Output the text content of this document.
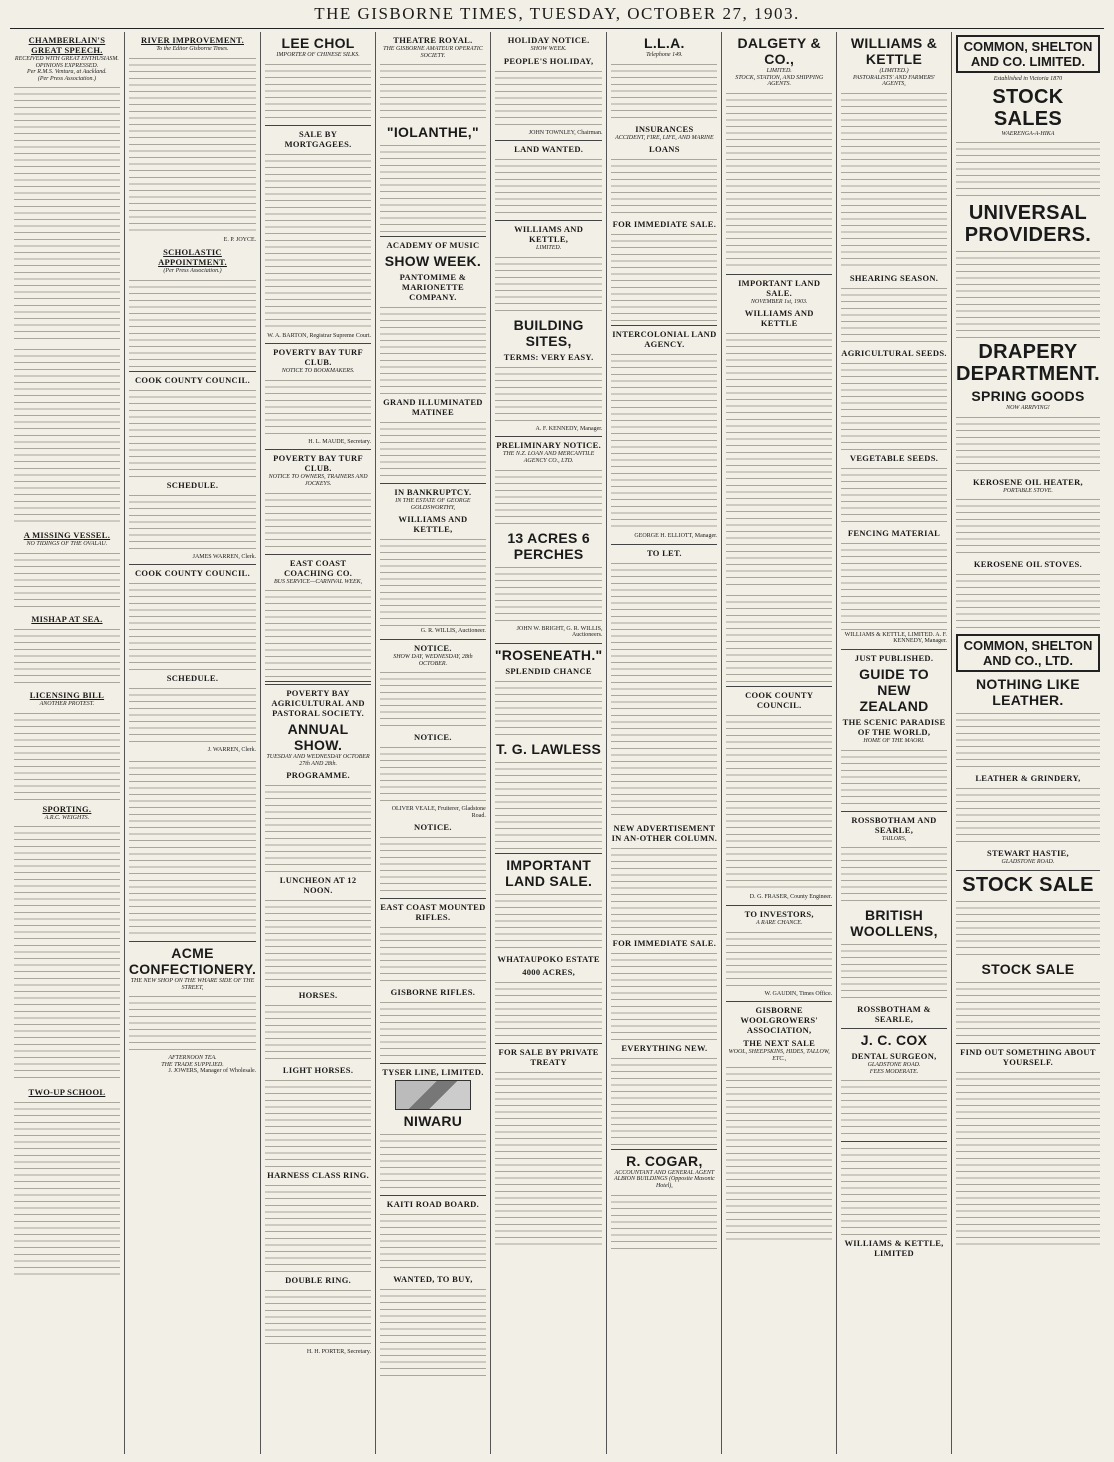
THE GISBORNE TIMES, TUESDAY, OCTOBER 27, 1903.
CHAMBERLAIN'S GREAT SPEECH.
RECEIVED WITH GREAT ENTHUSIASM.
OPINIONS EXPRESSED.
Per R.M.S. Ventura, at Auckland.
(Per Press Association.)
A MISSING VESSEL.
NO TIDINGS OF THE OVALAU.
MISHAP AT SEA.
LICENSING BILL
ANOTHER PROTEST.
SPORTING.
A.R.C. WEIGHTS.
TWO-UP SCHOOL
RIVER IMPROVEMENT.
To the Editor Gisborne Times.
E. P. JOYCE.
SCHOLASTIC APPOINTMENT.
(Per Press Association.)
COOK COUNTY COUNCIL.
SCHEDULE.
JAMES WARREN, Clerk.
COOK COUNTY COUNCIL.
SCHEDULE.
J. WARREN, Clerk.
ACME CONFECTIONERY.
THE NEW SHOP ON THE WHARE SIDE OF THE STREET,
AFTERNOON TEA.
THE TRADE SUPPLIED.
J. JOWERS, Manager of Wholesale.
LEE CHOL
IMPORTER OF CHINESE SILKS.
SALE BY MORTGAGEES.
W. A. BARTON, Registrar Supreme Court.
POVERTY BAY TURF CLUB.
NOTICE TO BOOKMAKERS.
H. L. MAUDE, Secretary.
POVERTY BAY TURF CLUB.
NOTICE TO OWNERS, TRAINERS AND JOCKEYS.
EAST COAST COACHING CO.
BUS SERVICE—CARNIVAL WEEK,
POVERTY BAY AGRICULTURAL AND PASTORAL SOCIETY.
ANNUAL SHOW.
TUESDAY AND WEDNESDAY OCTOBER 27th AND 28th.
PROGRAMME.
LUNCHEON AT 12 NOON.
HORSES.
LIGHT HORSES.
HARNESS CLASS RING.
DOUBLE RING.
H. H. PORTER, Secretary.
THEATRE ROYAL.
THE GISBORNE AMATEUR OPERATIC SOCIETY.
"IOLANTHE,"
ACADEMY OF MUSIC
SHOW WEEK.
PANTOMIME & MARIONETTE COMPANY.
GRAND ILLUMINATED MATINEE
IN BANKRUPTCY.
IN THE ESTATE OF GEORGE GOLDSWORTHY,
WILLIAMS AND KETTLE,
G. R. WILLIS, Auctioneer.
NOTICE.
SHOW DAY, WEDNESDAY, 28th OCTOBER.
NOTICE.
OLIVER VEALE, Fruiterer, Gladstone Road.
NOTICE.
EAST COAST MOUNTED RIFLES.
GISBORNE RIFLES.
TYSER LINE, LIMITED.
NIWARU
KAITI ROAD BOARD.
WANTED, TO BUY,
HOLIDAY NOTICE.
SHOW WEEK.
PEOPLE'S HOLIDAY,
JOHN TOWNLEY, Chairman.
LAND WANTED.
WILLIAMS AND KETTLE,
LIMITED.
BUILDING SITES,
TERMS: VERY EASY.
A. F. KENNEDY, Manager.
PRELIMINARY NOTICE.
THE N.Z. LOAN AND MERCANTILE AGENCY CO., LTD.
13 ACRES 6 PERCHES
JOHN W. BRIGHT, G. R. WILLIS, Auctioneers.
"ROSENEATH."
SPLENDID CHANCE
T. G. LAWLESS
IMPORTANT LAND SALE.
WHATAUPOKO ESTATE
4000 ACRES,
FOR SALE BY PRIVATE TREATY
L.L.A.
Telephone 149.
INSURANCES
ACCIDENT, FIRE, LIFE, AND MARINE
LOANS
FOR IMMEDIATE SALE.
INTERCOLONIAL LAND AGENCY.
GEORGE H. ELLIOTT, Manager.
TO LET.
NEW ADVERTISEMENT IN AN-OTHER COLUMN.
FOR IMMEDIATE SALE.
EVERYTHING NEW.
R. COGAR,
ACCOUNTANT AND GENERAL AGENT
ALBION BUILDINGS (Opposite Masonic Hotel),
DALGETY & CO.,
LIMITED.
STOCK, STATION, AND SHIPPING AGENTS.
IMPORTANT LAND SALE.
NOVEMBER 1st, 1903.
WILLIAMS AND KETTLE
COOK COUNTY COUNCIL.
D. G. FRASER, County Engineer.
TO INVESTORS,
A RARE CHANCE.
W. GAUDIN, Times Office.
GISBORNE WOOLGROWERS' ASSOCIATION,
THE NEXT SALE
WOOL, SHEEPSKINS, HIDES, TALLOW, ETC.,
WILLIAMS & KETTLE
(LIMITED.)
PASTORALISTS' AND FARMERS' AGENTS,
SHEARING SEASON.
AGRICULTURAL SEEDS.
VEGETABLE SEEDS.
FENCING MATERIAL
WILLIAMS & KETTLE, LIMITED. A. F. KENNEDY, Manager.
JUST PUBLISHED.
GUIDE TO NEW ZEALAND
THE SCENIC PARADISE OF THE WORLD,
HOME OF THE MAORI.
ROSSBOTHAM AND SEARLE,
TAILORS,
BRITISH WOOLLENS,
ROSSBOTHAM & SEARLE,
J. C. COX
DENTAL SURGEON,
GLADSTONE ROAD.
FEES MODERATE.
WILLIAMS & KETTLE, LIMITED
COMMON, SHELTON AND CO. LIMITED.
Established in Victoria 1870
STOCK SALES
WAERENGA-A-HIKA
UNIVERSAL PROVIDERS.
DRAPERY DEPARTMENT.
SPRING GOODS
NOW ARRIVING!
KEROSENE OIL HEATER,
PORTABLE STOVE.
KEROSENE OIL STOVES.
COMMON, SHELTON AND CO., LTD.
NOTHING LIKE LEATHER.
LEATHER & GRINDERY,
STEWART HASTIE,
GLADSTONE ROAD.
STOCK SALE
STOCK SALE
FIND OUT SOMETHING ABOUT YOURSELF.
